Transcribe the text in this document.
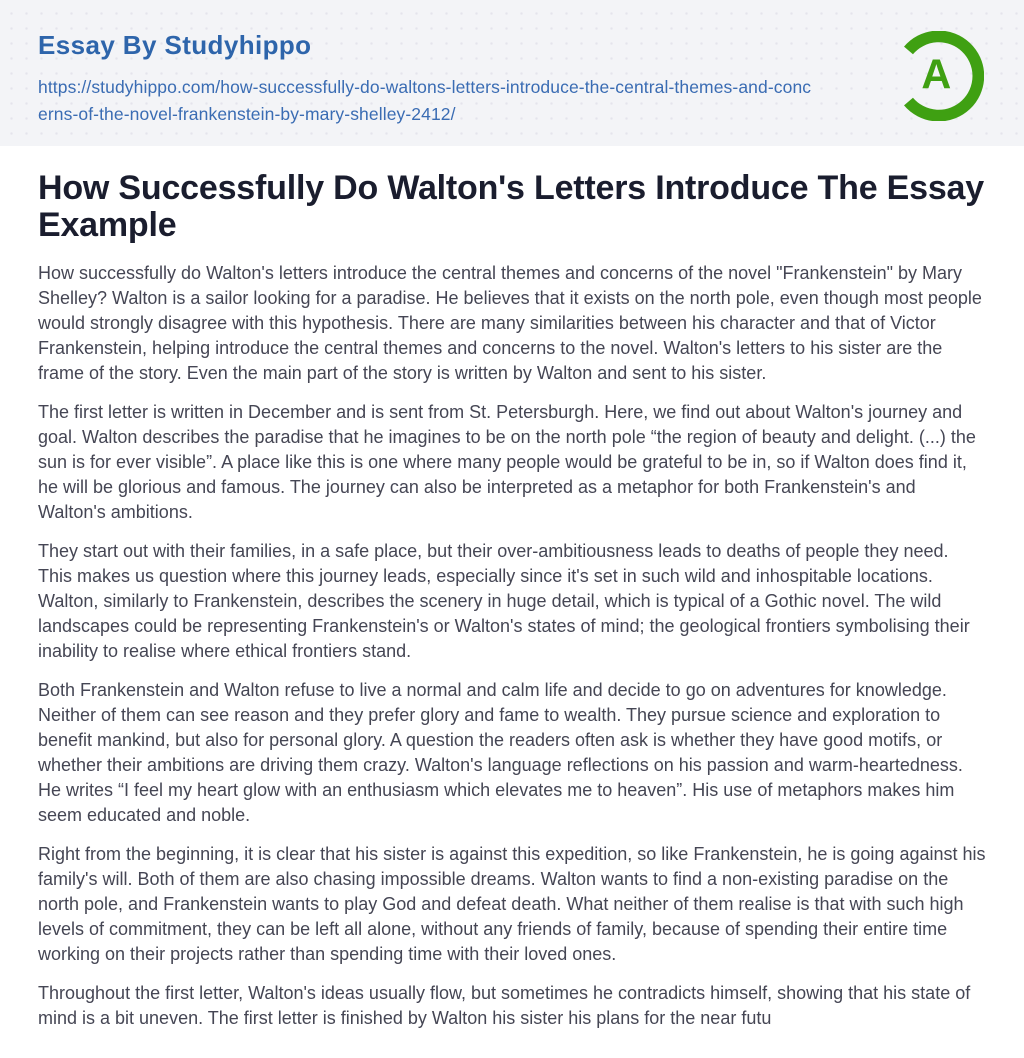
Essay By Studyhippo
https://studyhippo.com/how-successfully-do-waltons-letters-introduce-the-central-themes-and-concerns-of-the-novel-frankenstein-by-mary-shelley-2412/
A
How Successfully Do Walton's Letters Introduce The Essay Example

How successfully do Walton's letters introduce the central themes and concerns of the novel "Frankenstein" by Mary Shelley? Walton is a sailor looking for a paradise. He believes that it exists on the north pole, even though most people would strongly disagree with this hypothesis. There are many similarities between his character and that of Victor Frankenstein, helping introduce the central themes and concerns to the novel. Walton's letters to his sister are the frame of the story. Even the main part of the story is written by Walton and sent to his sister.

The first letter is written in December and is sent from St. Petersburgh. Here, we find out about Walton's journey and goal. Walton describes the paradise that he imagines to be on the north pole “the region of beauty and delight. (...) the sun is for ever visible”. A place like this is one where many people would be grateful to be in, so if Walton does find it, he will be glorious and famous. The journey can also be interpreted as a metaphor for both Frankenstein's and Walton's ambitions.

They start out with their families, in a safe place, but their over-ambitiousness leads to deaths of people they need. This makes us question where this journey leads, especially since it's set in such wild and inhospitable locations. Walton, similarly to Frankenstein, describes the scenery in huge detail, which is typical of a Gothic novel. The wild landscapes could be representing Frankenstein's or Walton's states of mind; the geological frontiers symbolising their inability to realise where ethical frontiers stand.

Both Frankenstein and Walton refuse to live a normal and calm life and decide to go on adventures for knowledge. Neither of them can see reason and they prefer glory and fame to wealth. They pursue science and exploration to benefit mankind, but also for personal glory. A question the readers often ask is whether they have good motifs, or whether their ambitions are driving them crazy. Walton's language reflections on his passion and warm-heartedness. He writes “I feel my heart glow with an enthusiasm which elevates me to heaven”. His use of metaphors makes him seem educated and noble.

Right from the beginning, it is clear that his sister is against this expedition, so like Frankenstein, he is going against his family's will. Both of them are also chasing impossible dreams. Walton wants to find a non-existing paradise on the north pole, and Frankenstein wants to play God and defeat death. What neither of them realise is that with such high levels of commitment, they can be left all alone, without any friends of family, because of spending their entire time working on their projects rather than spending time with their loved ones.

Throughout the first letter, Walton's ideas usually flow, but sometimes he contradicts himself, showing that his state of mind is a bit uneven. The first letter is finished by Walton his sister his plans for the near futu
